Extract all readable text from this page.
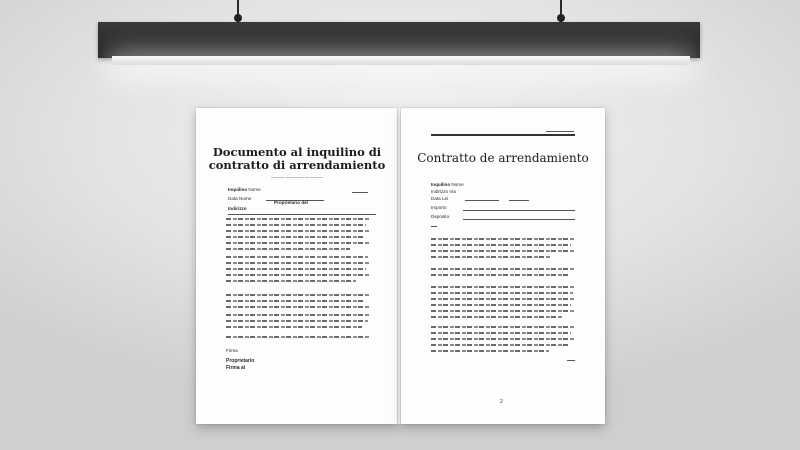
Documento al inquilino di contratto di arrendamiento
——— ———— ————
Inquilino Nome
Data Nome
Indirizzo
Proprietario del
Firma
Proprietario
Firma al
Contratto de arrendamiento
Inquilino Nome
Indirizzo Via
Data Lei
Importo
Deposito
2
